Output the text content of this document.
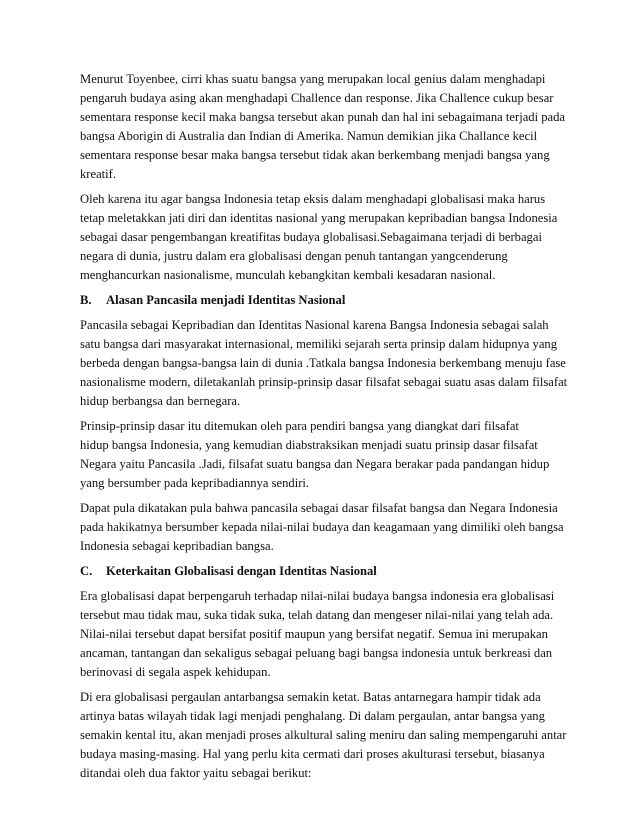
Menurut Toyenbee, cirri khas suatu bangsa yang merupakan local genius dalam menghadapi
pengaruh budaya asing akan menghadapi Challence dan response. Jika Challence cukup besar
sementara response kecil maka bangsa tersebut akan punah dan hal ini sebagaimana terjadi pada
bangsa Aborigin di Australia dan Indian di Amerika. Namun demikian jika Challance kecil
sementara response besar maka bangsa tersebut tidak akan berkembang menjadi bangsa yang
kreatif.
Oleh karena itu agar bangsa Indonesia tetap eksis dalam menghadapi globalisasi maka harus
tetap meletakkan jati diri dan identitas nasional yang merupakan kepribadian bangsa Indonesia
sebagai dasar pengembangan kreatifitas budaya globalisasi.Sebagaimana terjadi di berbagai
negara di dunia, justru dalam era globalisasi dengan penuh tantangan yangcenderung
menghancurkan nasionalisme, munculah kebangkitan kembali kesadaran nasional.
B. Alasan Pancasila menjadi Identitas Nasional
Pancasila sebagai Kepribadian dan Identitas Nasional karena Bangsa Indonesia sebagai salah
satu bangsa dari masyarakat internasional, memiliki sejarah serta prinsip dalam hidupnya yang
berbeda dengan bangsa-bangsa lain di dunia .Tatkala bangsa Indonesia berkembang menuju fase
nasionalisme modern, diletakanlah prinsip-prinsip dasar filsafat sebagai suatu asas dalam filsafat
hidup berbangsa dan bernegara.
Prinsip-prinsip dasar itu ditemukan oleh para pendiri bangsa yang diangkat dari filsafat
hidup bangsa Indonesia, yang kemudian diabstraksikan menjadi suatu prinsip dasar filsafat
Negara yaitu Pancasila .Jadi, filsafat suatu bangsa dan Negara berakar pada pandangan hidup
yang bersumber pada kepribadiannya sendiri.
Dapat pula dikatakan pula bahwa pancasila sebagai dasar filsafat bangsa dan Negara Indonesia
pada hakikatnya bersumber kepada nilai-nilai budaya dan keagamaan yang dimiliki oleh bangsa
Indonesia sebagai kepribadian bangsa.
C. Keterkaitan Globalisasi dengan Identitas Nasional
Era globalisasi dapat berpengaruh terhadap nilai-nilai budaya bangsa indonesia era globalisasi
tersebut mau tidak mau, suka tidak suka, telah datang dan mengeser nilai-nilai yang telah ada.
Nilai-nilai tersebut dapat bersifat positif maupun yang bersifat negatif. Semua ini merupakan
ancaman, tantangan dan sekaligus sebagai peluang bagi bangsa indonesia untuk berkreasi dan
berinovasi di segala aspek kehidupan.
Di era globalisasi pergaulan antarbangsa semakin ketat. Batas antarnegara hampir tidak ada
artinya batas wilayah tidak lagi menjadi penghalang. Di dalam pergaulan, antar bangsa yang
semakin kental itu, akan menjadi proses alkultural saling meniru dan saling mempengaruhi antar
budaya masing-masing. Hal yang perlu kita cermati dari proses akulturasi tersebut, biasanya
ditandai oleh dua faktor yaitu sebagai berikut:
